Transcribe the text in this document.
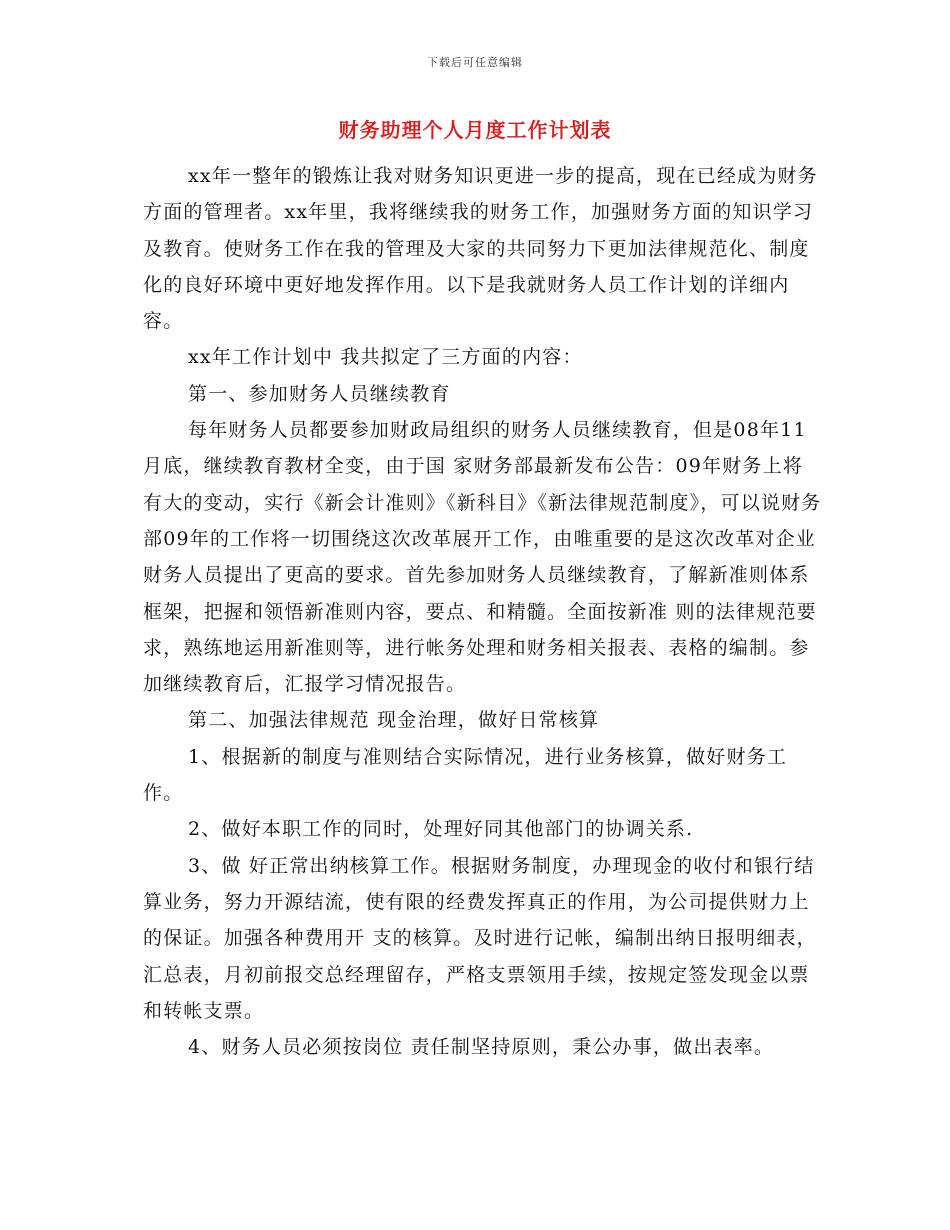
下载后可任意编辑
财务助理个人月度工作计划表

xx年一整年的锻炼让我对财务知识更进一步的提高，现在已经成为财务方面的管理者。xx年里，我将继续我的财务工作，加强财务方面的知识学习及教育。使财务工作在我的管理及大家的共同努力下更加法律规范化、制度化的良好环境中更好地发挥作用。以下是我就财务人员工作计划的详细内容。

xx年工作计划中 我共拟定了三方面的内容：

第一、参加财务人员继续教育

每年财务人员都要参加财政局组织的财务人员继续教育，但是08年11月底，继续教育教材全变，由于国 家财务部最新发布公告：09年财务上将有大的变动，实行《新会计准则》《新科目》《新法律规范制度》，可以说财务部09年的工作将一切围绕这次改革展开工作，由唯重要的是这次改革对企业财务人员提出了更高的要求。首先参加财务人员继续教育，了解新准则体系框架，把握和领悟新准则内容，要点、和精髓。全面按新准 则的法律规范要求，熟练地运用新准则等，进行帐务处理和财务相关报表、表格的编制。参加继续教育后，汇报学习情况报告。

第二、加强法律规范 现金治理，做好日常核算

1、根据新的制度与准则结合实际情况，进行业务核算，做好财务工作。

2、做好本职工作的同时，处理好同其他部门的协调关系.

3、做 好正常出纳核算工作。根据财务制度，办理现金的收付和银行结算业务，努力开源结流，使有限的经费发挥真正的作用，为公司提供财力上的保证。加强各种费用开 支的核算。及时进行记帐，编制出纳日报明细表，汇总表，月初前报交总经理留存，严格支票领用手续，按规定签发现金以票和转帐支票。

4、财务人员必须按岗位 责任制坚持原则，秉公办事，做出表率。
